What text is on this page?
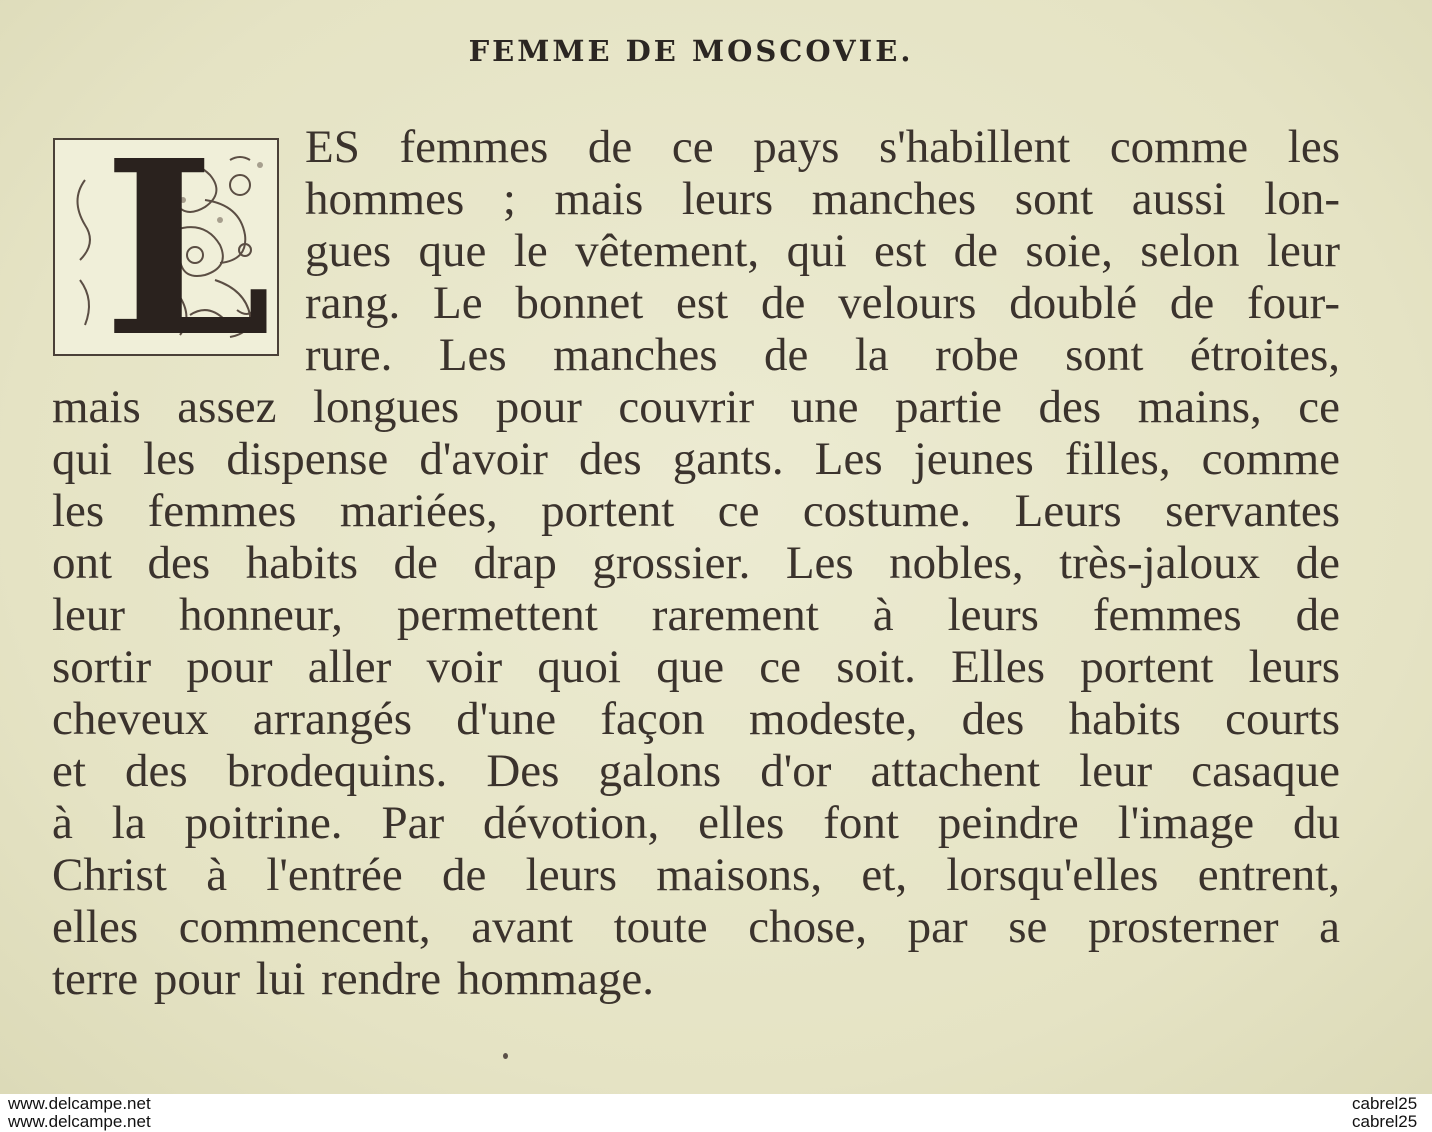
FEMME DE MOSCOVIE.
L ES femmes de ce pays s'habillent comme les
hommes ; mais leurs manches sont aussi lon-
gues que le vêtement, qui est de soie, selon leur
rang. Le bonnet est de velours doublé de four-
rure. Les manches de la robe sont étroites,
mais assez longues pour couvrir une partie des mains, ce
qui les dispense d'avoir des gants. Les jeunes filles, comme
les femmes mariées, portent ce costume. Leurs servantes
ont des habits de drap grossier. Les nobles, très-jaloux de
leur honneur, permettent rarement à leurs femmes de
sortir pour aller voir quoi que ce soit. Elles portent leurs
cheveux arrangés d'une façon modeste, des habits courts
et des brodequins. Des galons d'or attachent leur casaque
à la poitrine. Par dévotion, elles font peindre l'image du
Christ à l'entrée de leurs maisons, et, lorsqu'elles entrent,
elles commencent, avant toute chose, par se prosterner a
terre pour lui rendre hommage.
www.delcampe.net
www.delcampe.net
cabrel25
cabrel25
